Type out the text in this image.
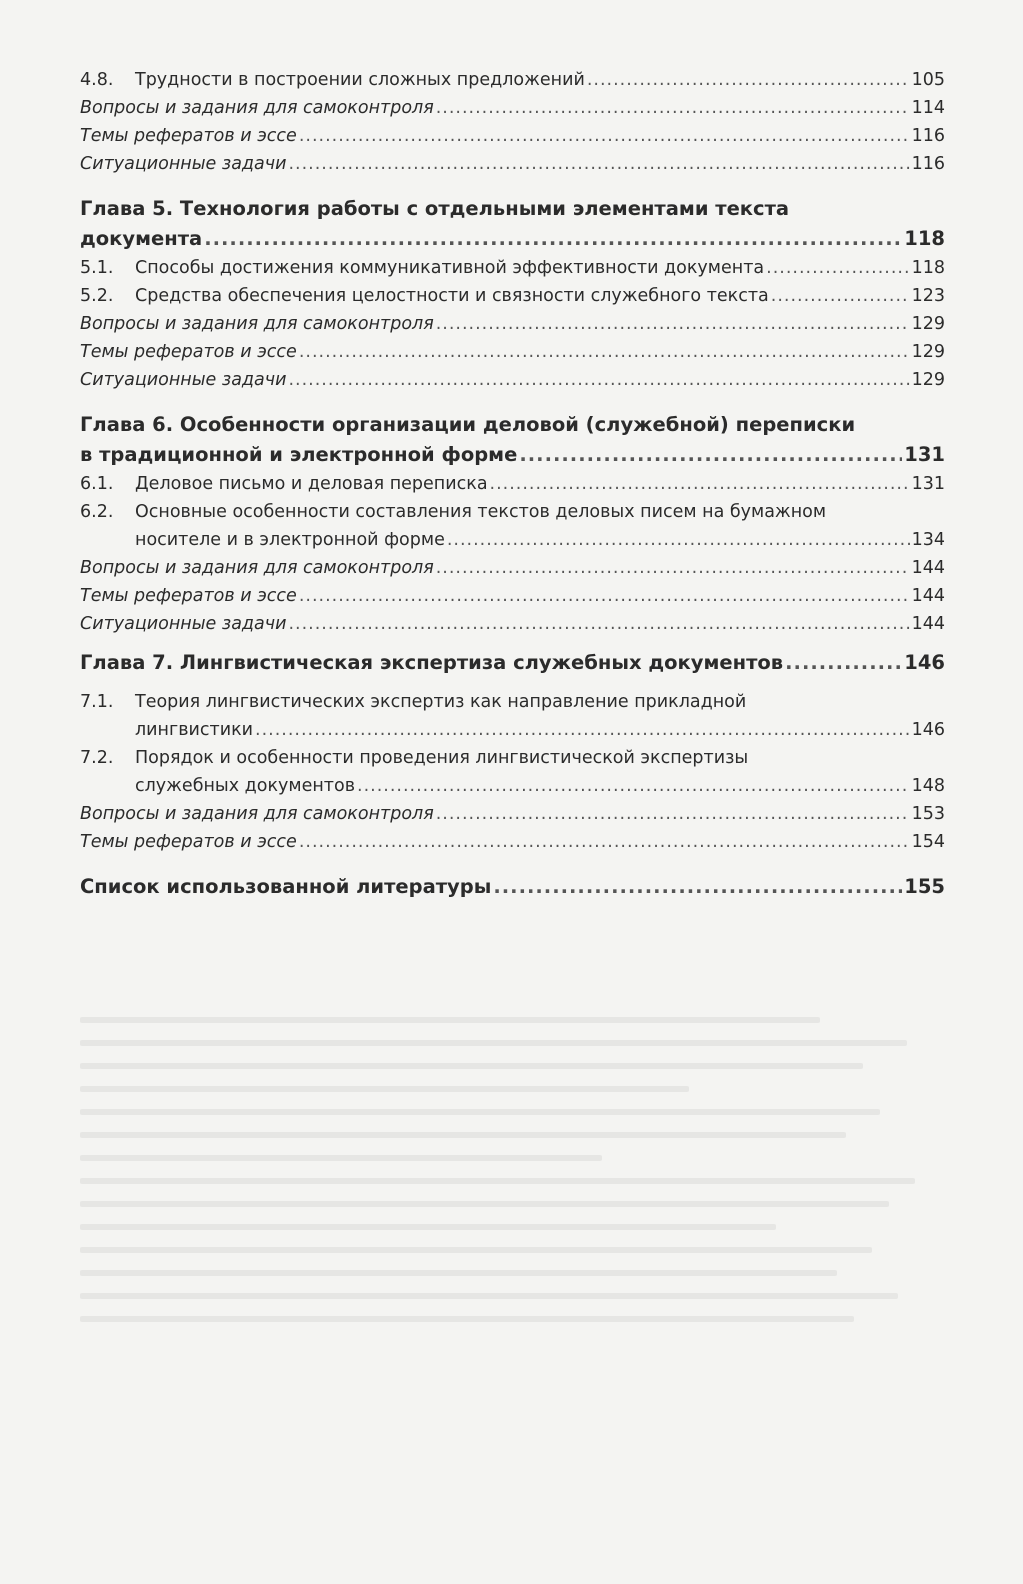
4.8.	Трудности в построении сложных предложений .....	105
Вопросы и задания для самоконтроля .....	114
Темы рефератов и эссе .....	116
Ситуационные задачи .....	116
Глава 5. Технология работы с отдельными элементами текста
документа .....	118
5.1.	Способы достижения коммуникативной эффективности документа .....	118
5.2.	Средства обеспечения целостности и связности служебного текста .....	123
Вопросы и задания для самоконтроля .....	129
Темы рефератов и эссе .....	129
Ситуационные задачи .....	129
Глава 6. Особенности организации деловой (служебной) переписки
в традиционной и электронной форме .....	131
6.1.	Деловое письмо и деловая переписка .....	131
6.2.	Основные особенности составления текстов деловых писем на бумажном
носителе и в электронной форме .....	134
Вопросы и задания для самоконтроля .....	144
Темы рефератов и эссе .....	144
Ситуационные задачи .....	144
Глава 7. Лингвистическая экспертиза служебных документов .....	146
7.1.	Теория лингвистических экспертиз как направление прикладной
лингвистики .....	146
7.2.	Порядок и особенности проведения лингвистической экспертизы
служебных документов .....	148
Вопросы и задания для самоконтроля .....	153
Темы рефератов и эссе .....	154
Список использованной литературы .....	155
